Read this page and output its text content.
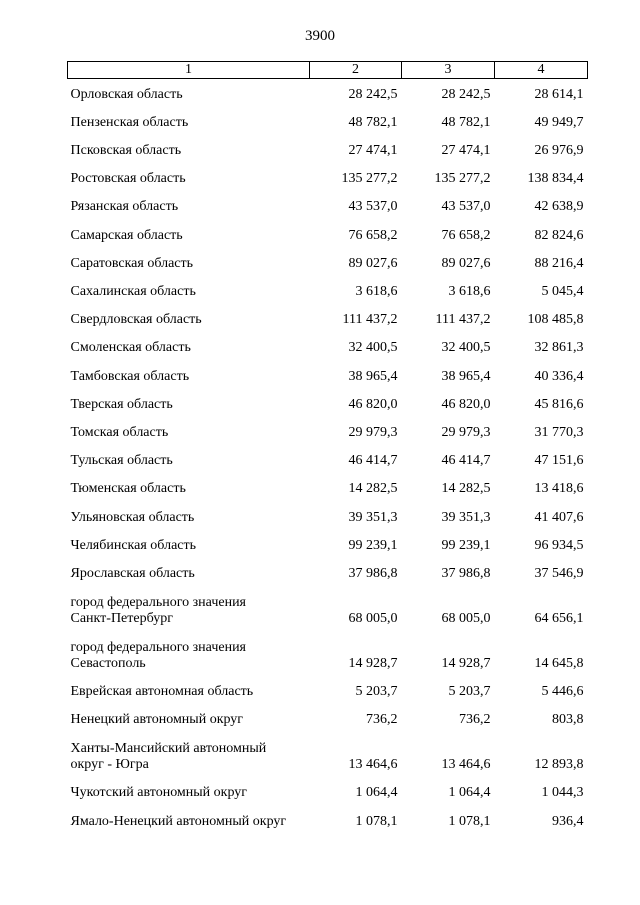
3900
1	2	3	4
Орловская область	28 242,5	28 242,5	28 614,1
Пензенская область	48 782,1	48 782,1	49 949,7
Псковская область	27 474,1	27 474,1	26 976,9
Ростовская область	135 277,2	135 277,2	138 834,4
Рязанская область	43 537,0	43 537,0	42 638,9
Самарская область	76 658,2	76 658,2	82 824,6
Саратовская область	89 027,6	89 027,6	88 216,4
Сахалинская область	3 618,6	3 618,6	5 045,4
Свердловская область	111 437,2	111 437,2	108 485,8
Смоленская область	32 400,5	32 400,5	32 861,3
Тамбовская область	38 965,4	38 965,4	40 336,4
Тверская область	46 820,0	46 820,0	45 816,6
Томская область	29 979,3	29 979,3	31 770,3
Тульская область	46 414,7	46 414,7	47 151,6
Тюменская область	14 282,5	14 282,5	13 418,6
Ульяновская область	39 351,3	39 351,3	41 407,6
Челябинская область	99 239,1	99 239,1	96 934,5
Ярославская область	37 986,8	37 986,8	37 546,9

город федерального значения
Санкт-Петербург	68 005,0	68 005,0	64 656,1

город федерального значения
Севастополь	14 928,7	14 928,7	14 645,8
Еврейская автономная область	5 203,7	5 203,7	5 446,6
Ненецкий автономный округ	736,2	736,2	803,8

Ханты-Мансийский автономный
округ - Югра	13 464,6	13 464,6	12 893,8
Чукотский автономный округ	1 064,4	1 064,4	1 044,3
Ямало-Ненецкий автономный округ	1 078,1	1 078,1	936,4
